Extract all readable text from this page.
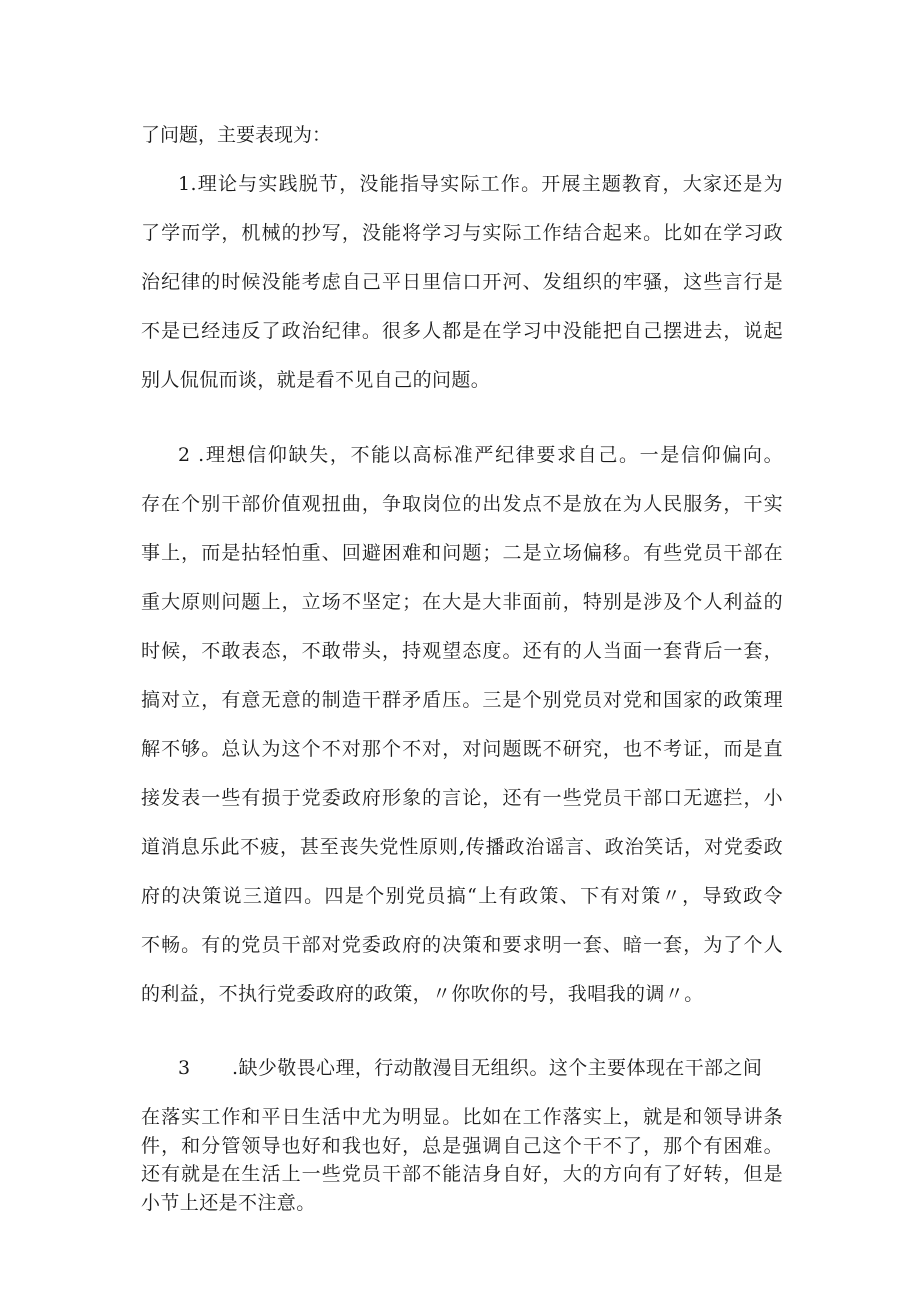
了问题，主要表现为：

1.理论与实践脱节，没能指导实际工作。开展主题教育，大家还是为

了学而学，机械的抄写，没能将学习与实际工作结合起来。比如在学习政

治纪律的时候没能考虑自己平日里信口开河、发组织的牢骚，这些言行是

不是已经违反了政治纪律。很多人都是在学习中没能把自己摆进去，说起

别人侃侃而谈，就是看不见自己的问题。

2 .理想信仰缺失，不能以高标准严纪律要求自己。一是信仰偏向。

存在个别干部价值观扭曲，争取岗位的出发点不是放在为人民服务，干实

事上，而是拈轻怕重、回避困难和问题；二是立场偏移。有些党员干部在

重大原则问题上，立场不坚定；在大是大非面前，特别是涉及个人利益的

时候，不敢表态，不敢带头，持观望态度。还有的人当面一套背后一套，

搞对立，有意无意的制造干群矛盾压。三是个别党员对党和国家的政策理

解不够。总认为这个不对那个不对，对问题既不研究，也不考证，而是直

接发表一些有损于党委政府形象的言论，还有一些党员干部口无遮拦，小

道消息乐此不疲，甚至丧失党性原则,传播政治谣言、政治笑话，对党委政

府的决策说三道四。四是个别党员搞“上有政策、下有对策〃，导致政令

不畅。有的党员干部对党委政府的决策和要求明一套、暗一套，为了个人

的利益，不执行党委政府的政策，〃你吹你的号，我唱我的调〃。

3 .缺少敬畏心理，行动散漫目无组织。这个主要体现在干部之间

在落实工作和平日生活中尤为明显。比如在工作落实上，就是和领导讲条

件，和分管领导也好和我也好，总是强调自己这个干不了，那个有困难。

还有就是在生活上一些党员干部不能洁身自好，大的方向有了好转，但是

小节上还是不注意。
